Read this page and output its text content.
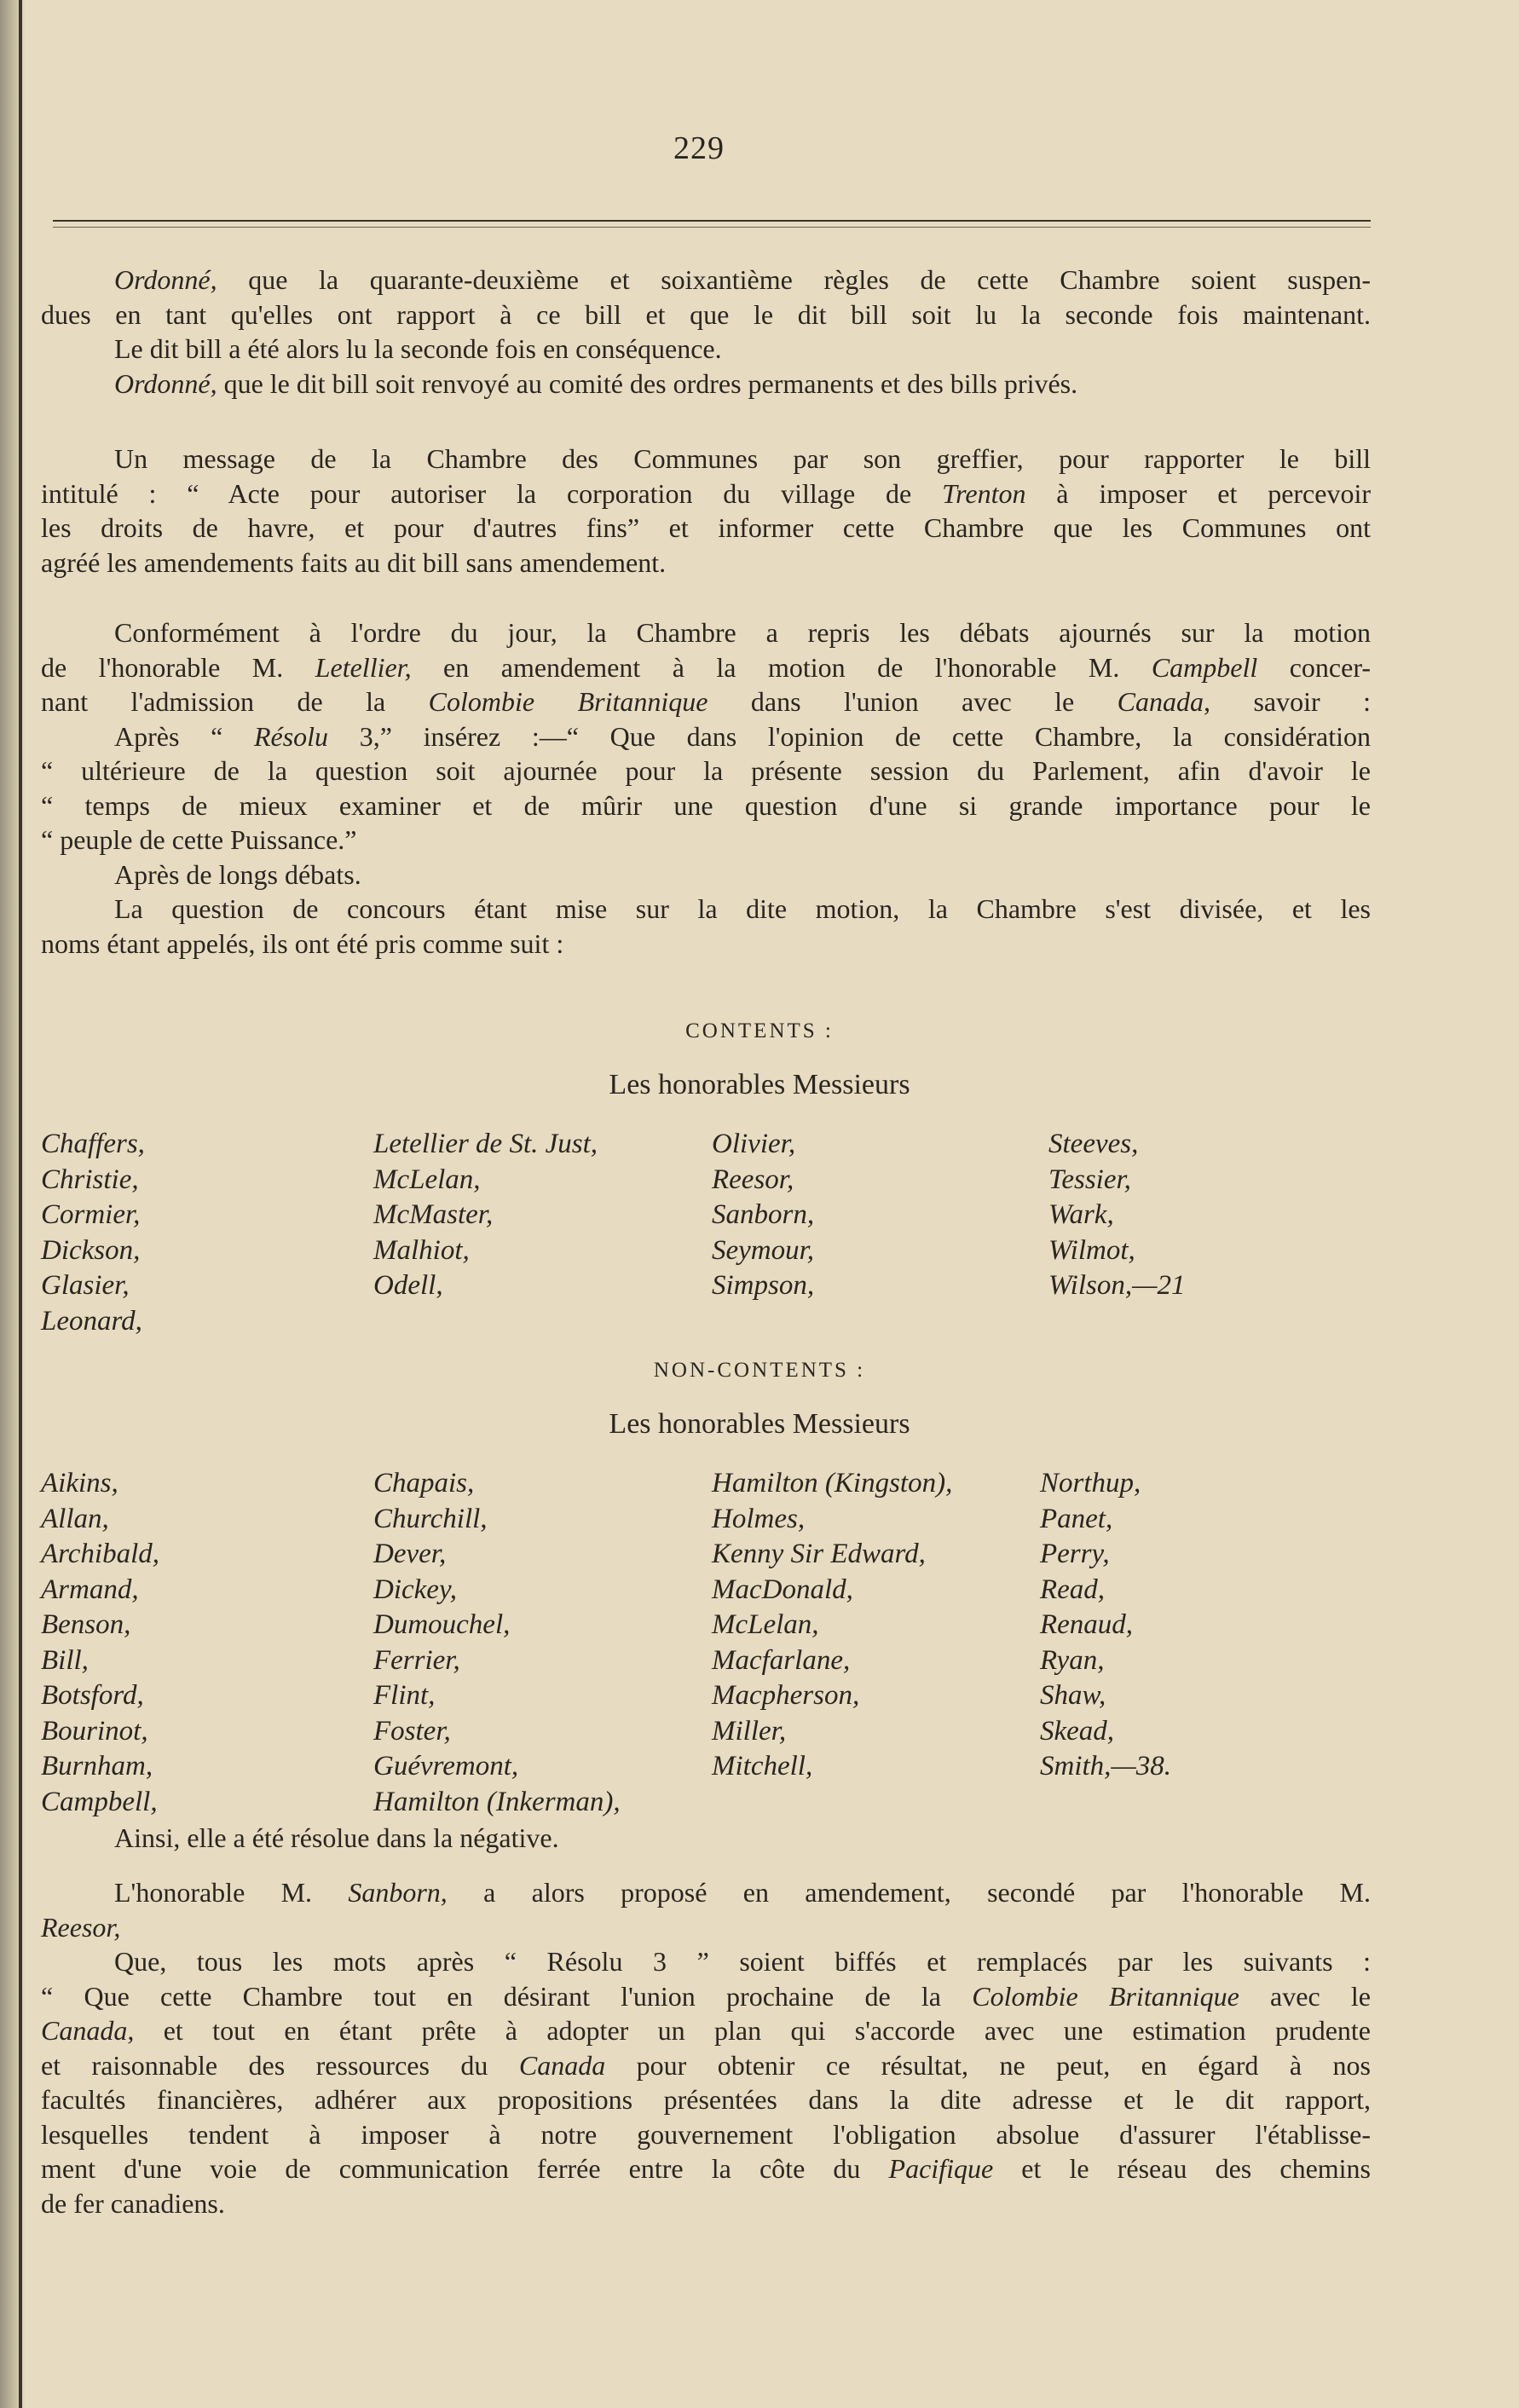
229

Ordonné, que la quarante-deuxième et soixantième règles de cette Chambre soient suspen-

dues en tant qu'elles ont rapport à ce bill et que le dit bill soit lu la seconde fois maintenant.

Le dit bill a été alors lu la seconde fois en conséquence.

Ordonné, que le dit bill soit renvoyé au comité des ordres permanents et des bills privés.

Un message de la Chambre des Communes par son greffier, pour rapporter le bill

intitulé : “ Acte pour autoriser la corporation du village de Trenton à imposer et percevoir

les droits de havre, et pour d'autres fins” et informer cette Chambre que les Communes ont

agréé les amendements faits au dit bill sans amendement.

Conformément à l'ordre du jour, la Chambre a repris les débats ajournés sur la motion

de l'honorable M. Letellier, en amendement à la motion de l'honorable M. Campbell concer-

nant l'admission de la Colombie Britannique dans l'union avec le Canada, savoir :

Après “ Résolu 3,” insérez :—“ Que dans l'opinion de cette Chambre, la considération

“ ultérieure de la question soit ajournée pour la présente session du Parlement, afin d'avoir le

“ temps de mieux examiner et de mûrir une question d'une si grande importance pour le

“ peuple de cette Puissance.”

Après de longs débats.

La question de concours étant mise sur la dite motion, la Chambre s'est divisée, et les

noms étant appelés, ils ont été pris comme suit :

CONTENTS :
Les honorables Messieurs
Chaffers,
Christie,
Cormier,
Dickson,
Glasier,
Leonard,
Letellier de St. Just,
McLelan,
McMaster,
Malhiot,
Odell,
Olivier,
Reesor,
Sanborn,
Seymour,
Simpson,
Steeves,
Tessier,
Wark,
Wilmot,
Wilson,—21
NON-CONTENTS :
Les honorables Messieurs
Aikins,
Allan,
Archibald,
Armand,
Benson,
Bill,
Botsford,
Bourinot,
Burnham,
Campbell,
Chapais,
Churchill,
Dever,
Dickey,
Dumouchel,
Ferrier,
Flint,
Foster,
Guévremont,
Hamilton (Inkerman),
Hamilton (Kingston),
Holmes,
Kenny Sir Edward,
MacDonald,
McLelan,
Macfarlane,
Macpherson,
Miller,
Mitchell,
Northup,
Panet,
Perry,
Read,
Renaud,
Ryan,
Shaw,
Skead,
Smith,—38.

Ainsi, elle a été résolue dans la négative.

L'honorable M. Sanborn, a alors proposé en amendement, secondé par l'honorable M.

Reesor,

Que, tous les mots après “ Résolu 3 ” soient biffés et remplacés par les suivants :

“ Que cette Chambre tout en désirant l'union prochaine de la Colombie Britannique avec le

Canada, et tout en étant prête à adopter un plan qui s'accorde avec une estimation prudente

et raisonnable des ressources du Canada pour obtenir ce résultat, ne peut, en égard à nos

facultés financières, adhérer aux propositions présentées dans la dite adresse et le dit rapport,

lesquelles tendent à imposer à notre gouvernement l'obligation absolue d'assurer l'établisse-

ment d'une voie de communication ferrée entre la côte du Pacifique et le réseau des chemins

de fer canadiens.
